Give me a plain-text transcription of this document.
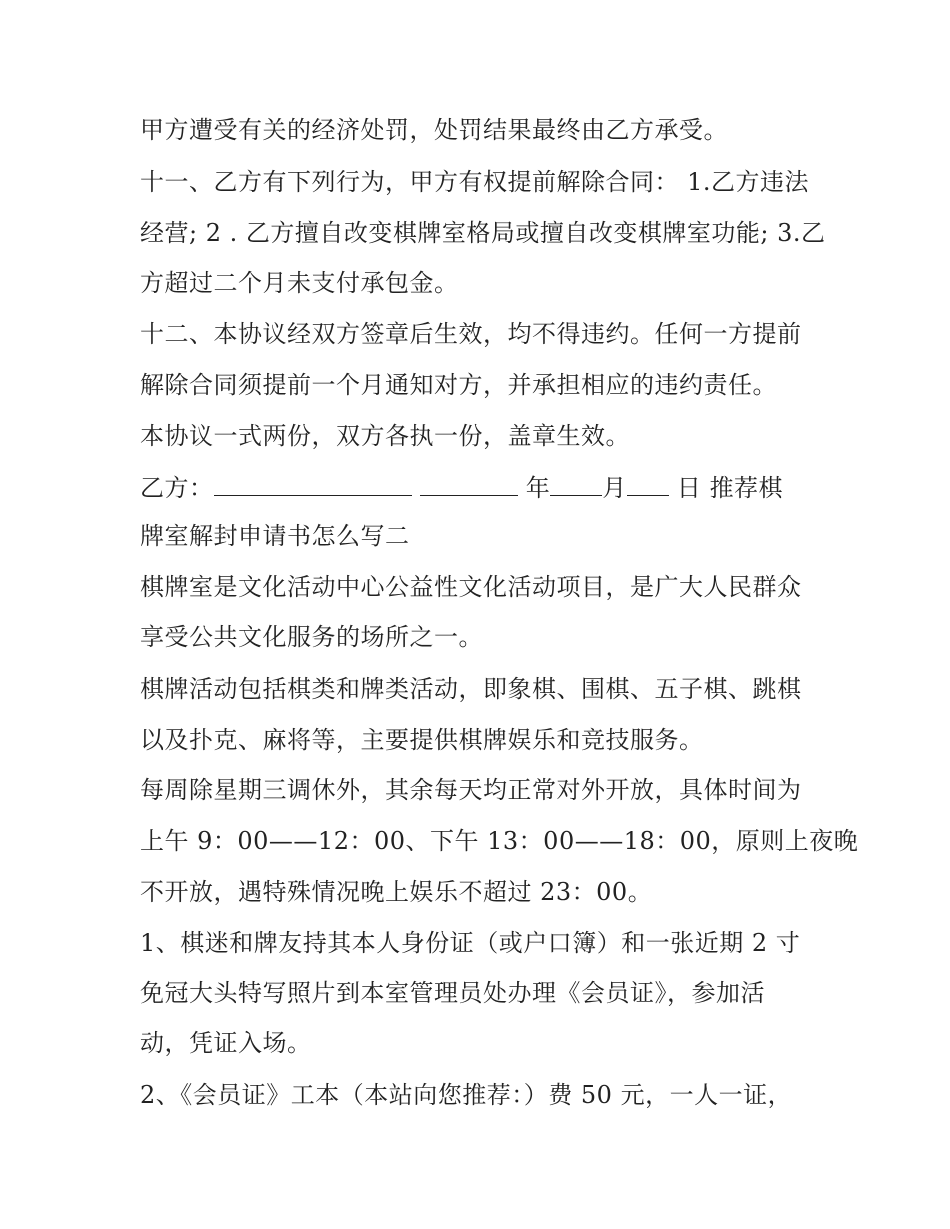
甲方遭受有关的经济处罚，处罚结果最终由乙方承受。
十一、乙方有下列行为，甲方有权提前解除合同： 1.乙方违法
经营; 2 . 乙方擅自改变棋牌室格局或擅自改变棋牌室功能; 3.乙
方超过二个月未支付承包金。
十二、本协议经双方签章后生效，均不得违约。任何一方提前
解除合同须提前一个月通知对方，并承担相应的违约责任。
本协议一式两份，双方各执一份，盖章生效。
乙方：	年 月 日 推荐棋
牌室解封申请书怎么写二
棋牌室是文化活动中心公益性文化活动项目，是广大人民群众
享受公共文化服务的场所之一。
棋牌活动包括棋类和牌类活动，即象棋、围棋、五子棋、跳棋
以及扑克、麻将等，主要提供棋牌娱乐和竞技服务。
每周除星期三调休外，其余每天均正常对外开放，具体时间为
上午 9：00——12：00、下午 13：00——18：00，原则上夜晚
不开放，遇特殊情况晚上娱乐不超过 23：00。
1、棋迷和牌友持其本人身份证（或户口簿）和一张近期 2 寸
免冠大头特写照片到本室管理员处办理《会员证》，参加活
动，凭证入场。
2、《会员证》工本（本站向您推荐：）费 50 元，一人一证，
